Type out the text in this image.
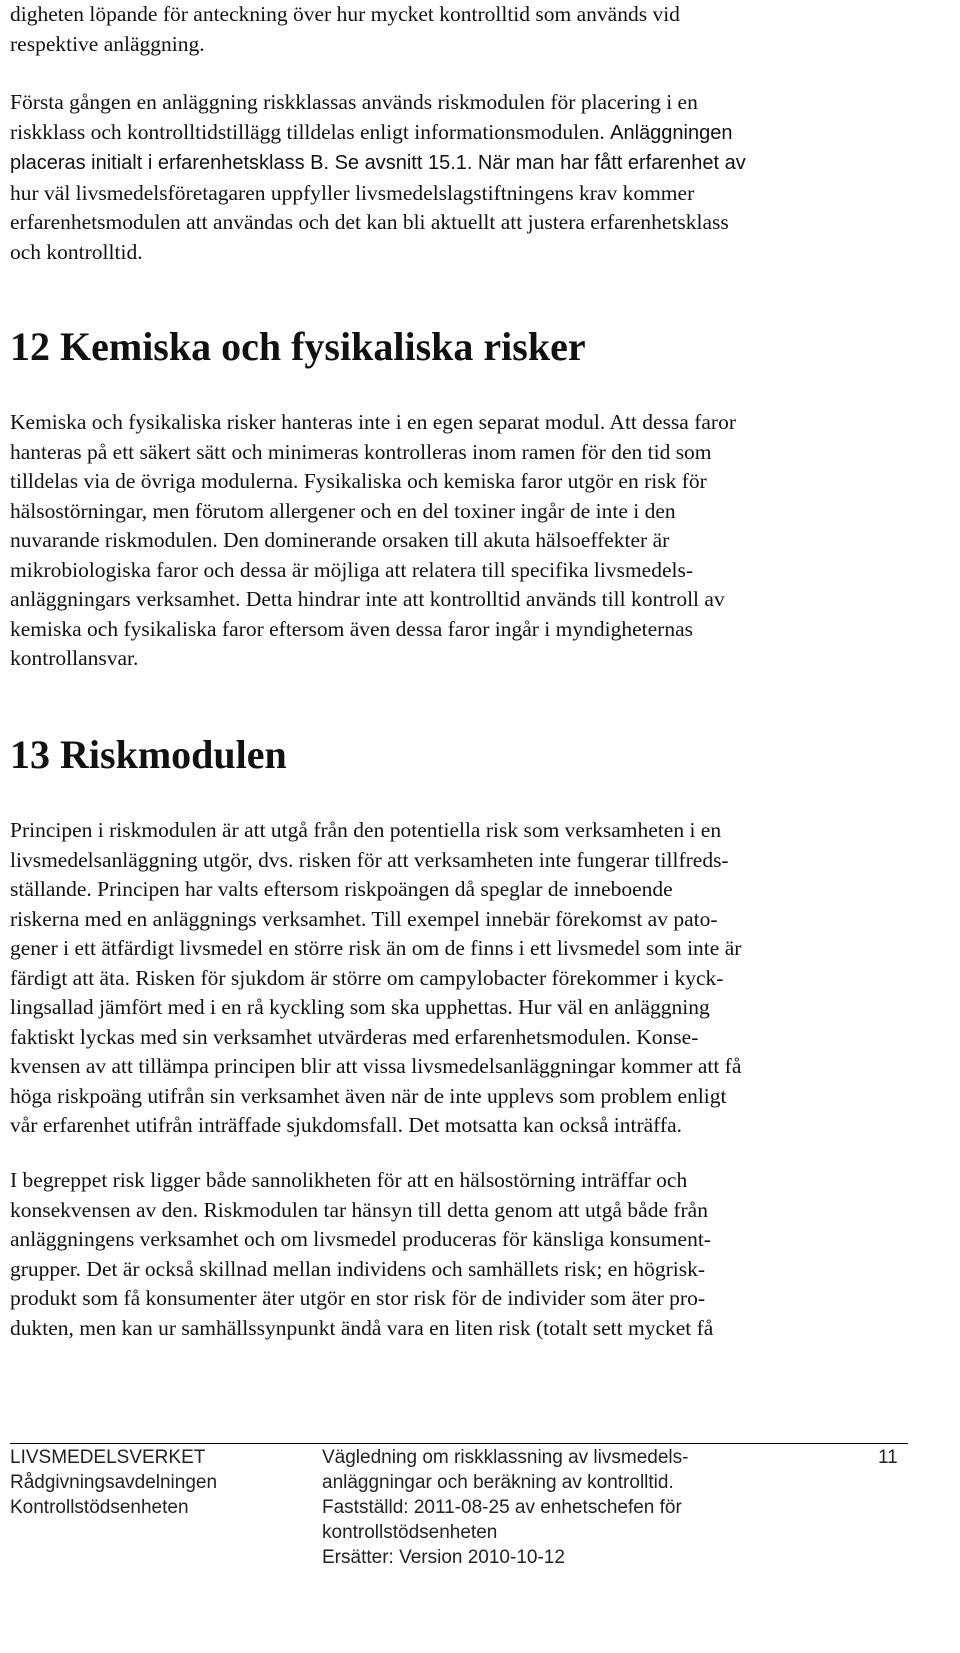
digheten löpande för anteckning över hur mycket kontrolltid som används vid
respektive anläggning.

Första gången en anläggning riskklassas används riskmodulen för placering i en
riskklass och kontrolltidstillägg tilldelas enligt informationsmodulen. Anläggningen
placeras initialt i erfarenhetsklass B. Se avsnitt 15.1. När man har fått erfarenhet av
hur väl livsmedelsföretagaren uppfyller livsmedelslagstiftningens krav kommer
erfarenhetsmodulen att användas och det kan bli aktuellt att justera erfarenhetsklass
och kontrolltid.

12 Kemiska och fysikaliska risker

Kemiska och fysikaliska risker hanteras inte i en egen separat modul. Att dessa faror
hanteras på ett säkert sätt och minimeras kontrolleras inom ramen för den tid som
tilldelas via de övriga modulerna. Fysikaliska och kemiska faror utgör en risk för
hälsostörningar, men förutom allergener och en del toxiner ingår de inte i den
nuvarande riskmodulen. Den dominerande orsaken till akuta hälsoeffekter är
mikrobiologiska faror och dessa är möjliga att relatera till specifika livsmedels-
anläggningars verksamhet. Detta hindrar inte att kontrolltid används till kontroll av
kemiska och fysikaliska faror eftersom även dessa faror ingår i myndigheternas
kontrollansvar.

13 Riskmodulen

Principen i riskmodulen är att utgå från den potentiella risk som verksamheten i en
livsmedelsanläggning utgör, dvs. risken för att verksamheten inte fungerar tillfreds-
ställande. Principen har valts eftersom riskpoängen då speglar de inneboende
riskerna med en anläggnings verksamhet. Till exempel innebär förekomst av pato-
gener i ett ätfärdigt livsmedel en större risk än om de finns i ett livsmedel som inte är
färdigt att äta. Risken för sjukdom är större om campylobacter förekommer i kyck-
lingsallad jämfört med i en rå kyckling som ska upphettas. Hur väl en anläggning
faktiskt lyckas med sin verksamhet utvärderas med erfarenhetsmodulen. Konse-
kvensen av att tillämpa principen blir att vissa livsmedelsanläggningar kommer att få
höga riskpoäng utifrån sin verksamhet även när de inte upplevs som problem enligt
vår erfarenhet utifrån inträffade sjukdomsfall. Det motsatta kan också inträffa.

I begreppet risk ligger både sannolikheten för att en hälsostörning inträffar och
konsekvensen av den. Riskmodulen tar hänsyn till detta genom att utgå både från
anläggningens verksamhet och om livsmedel produceras för känsliga konsument-
grupper. Det är också skillnad mellan individens och samhällets risk; en högrisk-
produkt som få konsumenter äter utgör en stor risk för de individer som äter pro-
dukten, men kan ur samhällssynpunkt ändå vara en liten risk (totalt sett mycket få

LIVSMEDELSVERKET
Rådgivningsavdelningen
Kontrollstödsenheten
Vägledning om riskklassning av livsmedels-
anläggningar och beräkning av kontrolltid.
Fastställd: 2011-08-25 av enhetschefen för
kontrollstödsenheten
Ersätter: Version 2010-10-12
11
